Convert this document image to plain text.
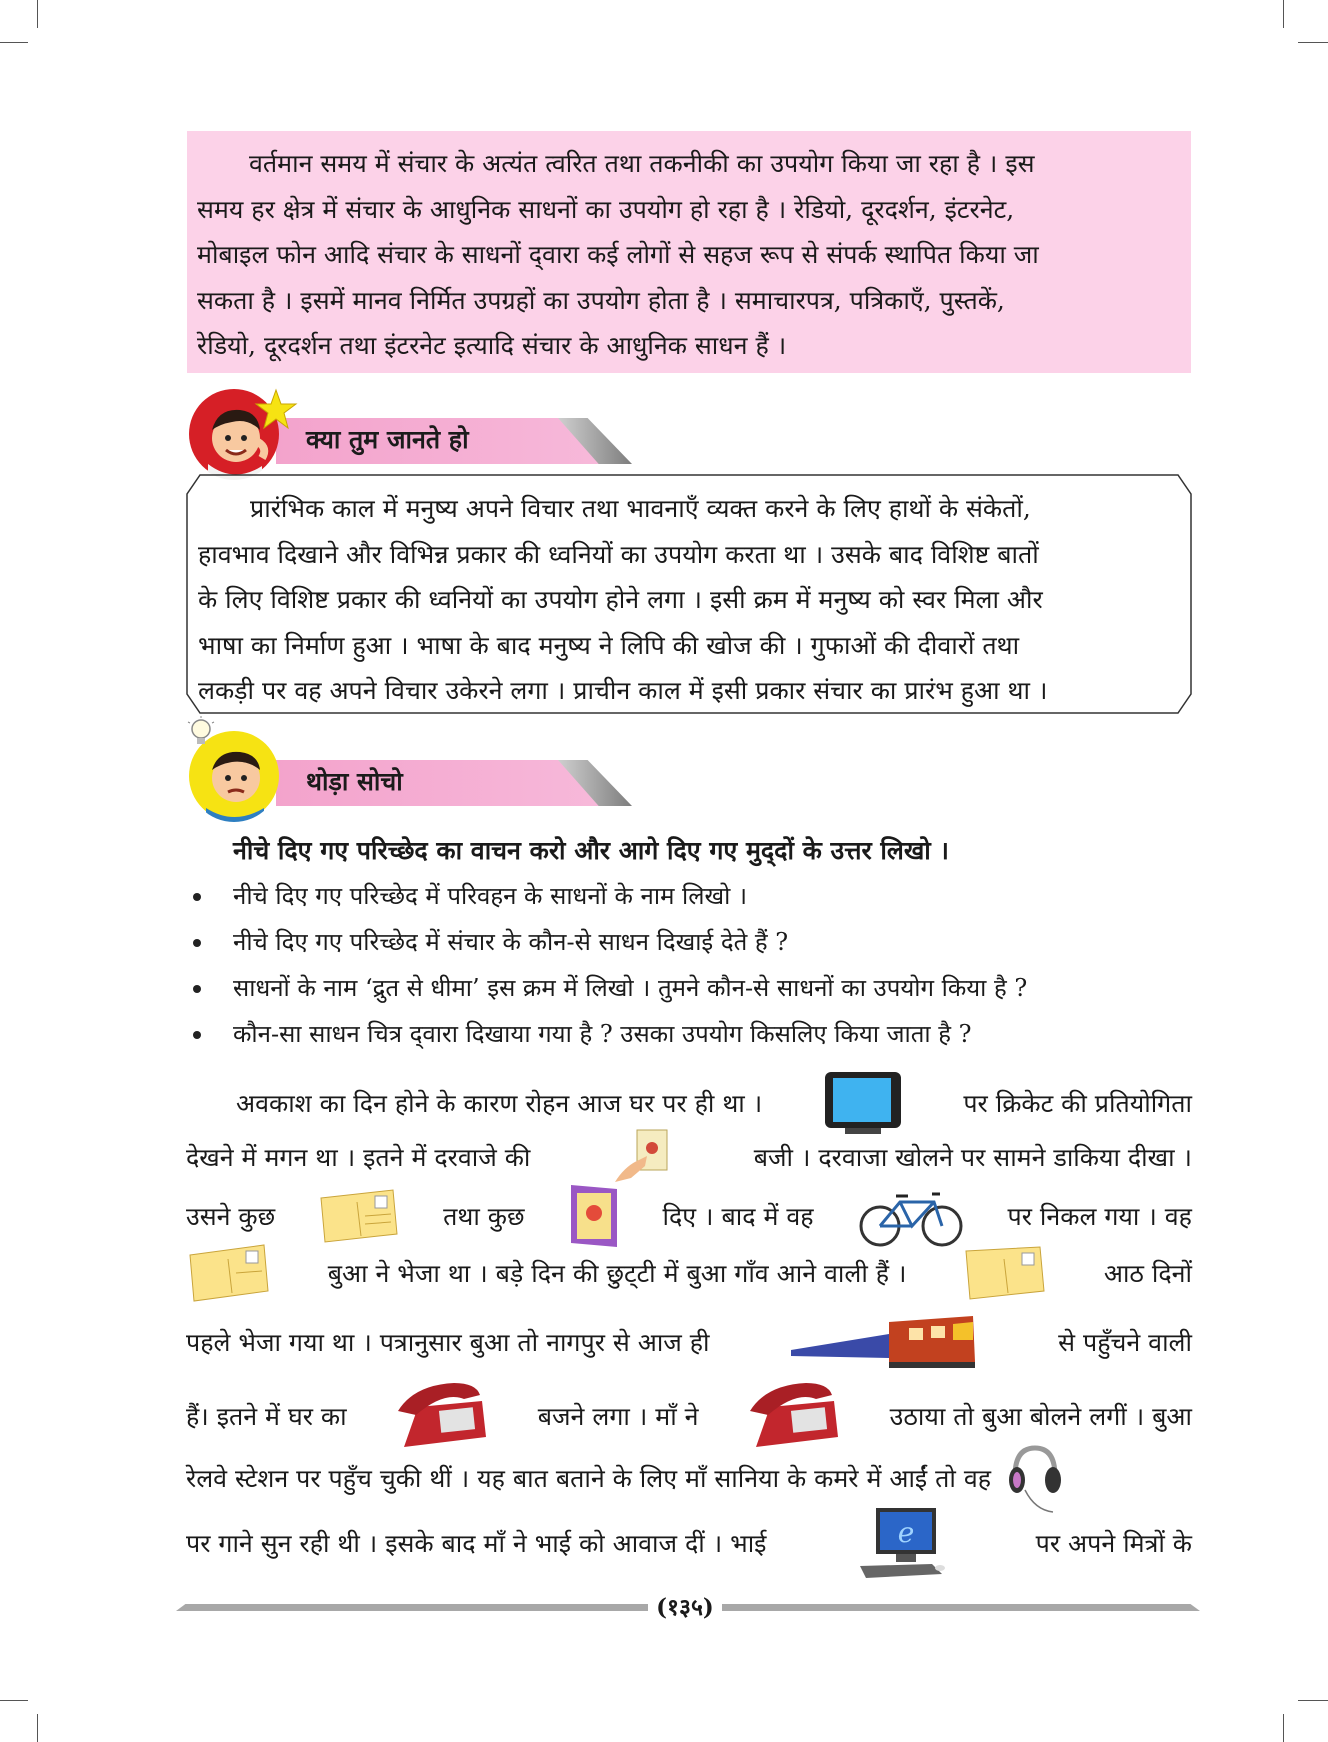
वर्तमान समय में संचार के अत्यंत त्वरित तथा तकनीकी का उपयोग किया जा रहा है । इस

समय हर क्षेत्र में संचार के आधुनिक साधनों का उपयोग हो रहा है । रेडियो, दूरदर्शन, इंटरनेट,

मोबाइल फोन आदि संचार के साधनों द्‌वारा कई लोगों से सहज रूप से संपर्क स्थापित किया जा

सकता है । इसमें मानव निर्मित उपग्रहों का उपयोग होता है । समाचारपत्र, पत्रिकाएँ, पुस्तकें,

रेडियो, दूरदर्शन तथा इंटरनेट इत्यादि संचार के आधुनिक साधन हैं ।

क्या तुम जानते हो

प्रारंभिक काल में मनुष्य अपने विचार तथा भावनाएँ व्यक्त करने के लिए हाथों के संकेतों,

हावभाव दिखाने और विभिन्न प्रकार की ध्वनियों का उपयोग करता था । उसके बाद विशिष्ट बातों

के लिए विशिष्ट प्रकार की ध्वनियों का उपयोग होने लगा । इसी क्रम में मनुष्य को स्वर मिला और

भाषा का निर्माण हुआ । भाषा के बाद मनुष्य ने लिपि की खोज की । गुफाओं की दीवारों तथा

लकड़ी पर वह अपने विचार उकेरने लगा । प्राचीन काल में इसी प्रकार संचार का प्रारंभ हुआ था ।

थोड़ा सोचो

नीचे दिए गए परिच्छेद का वाचन करो और आगे दिए गए मुद्‌दों के उत्तर लिखो ।

नीचे दिए गए परिच्छेद में परिवहन के साधनों के नाम लिखो ।
नीचे दिए गए परिच्छेद में संचार के कौन-से साधन दिखाई देते हैं ?
साधनों के नाम ‘द्रुत से धीमा’ इस क्रम में लिखो । तुमने कौन-से साधनों का उपयोग किया है ?
कौन-सा साधन चित्र द्‌वारा दिखाया गया है ? उसका उपयोग किसलिए किया जाता है ?
अवकाश का दिन होने के कारण रोहन आज घर पर ही था ।	पर क्रिकेट की प्रतियोगिता
देखने में मगन था । इतने में दरवाजे की	बजी । दरवाजा खोलने पर सामने डाकिया दीखा ।
उसने कुछ	तथा कुछ	दिए । बाद में वह	पर निकल गया । वह
बुआ ने भेजा था । बड़े दिन की छुट्‌टी में बुआ गाँव आने वाली हैं ।	आठ दिनों
पहले भेजा गया था । पत्रानुसार बुआ तो नागपुर से आज ही	से पहुँचने वाली
हैं। इतने में घर का	बजने लगा । माँ ने	उठाया तो बुआ बोलने लगीं । बुआ
रेलवे स्टेशन पर पहुँच चुकी थीं । यह बात बताने के लिए माँ सानिया के कमरे में आईं तो वह
पर गाने सुन रही थी । इसके बाद माँ ने भाई को आवाज दीं । भाई	e	पर अपने मित्रों के
(१३५)
